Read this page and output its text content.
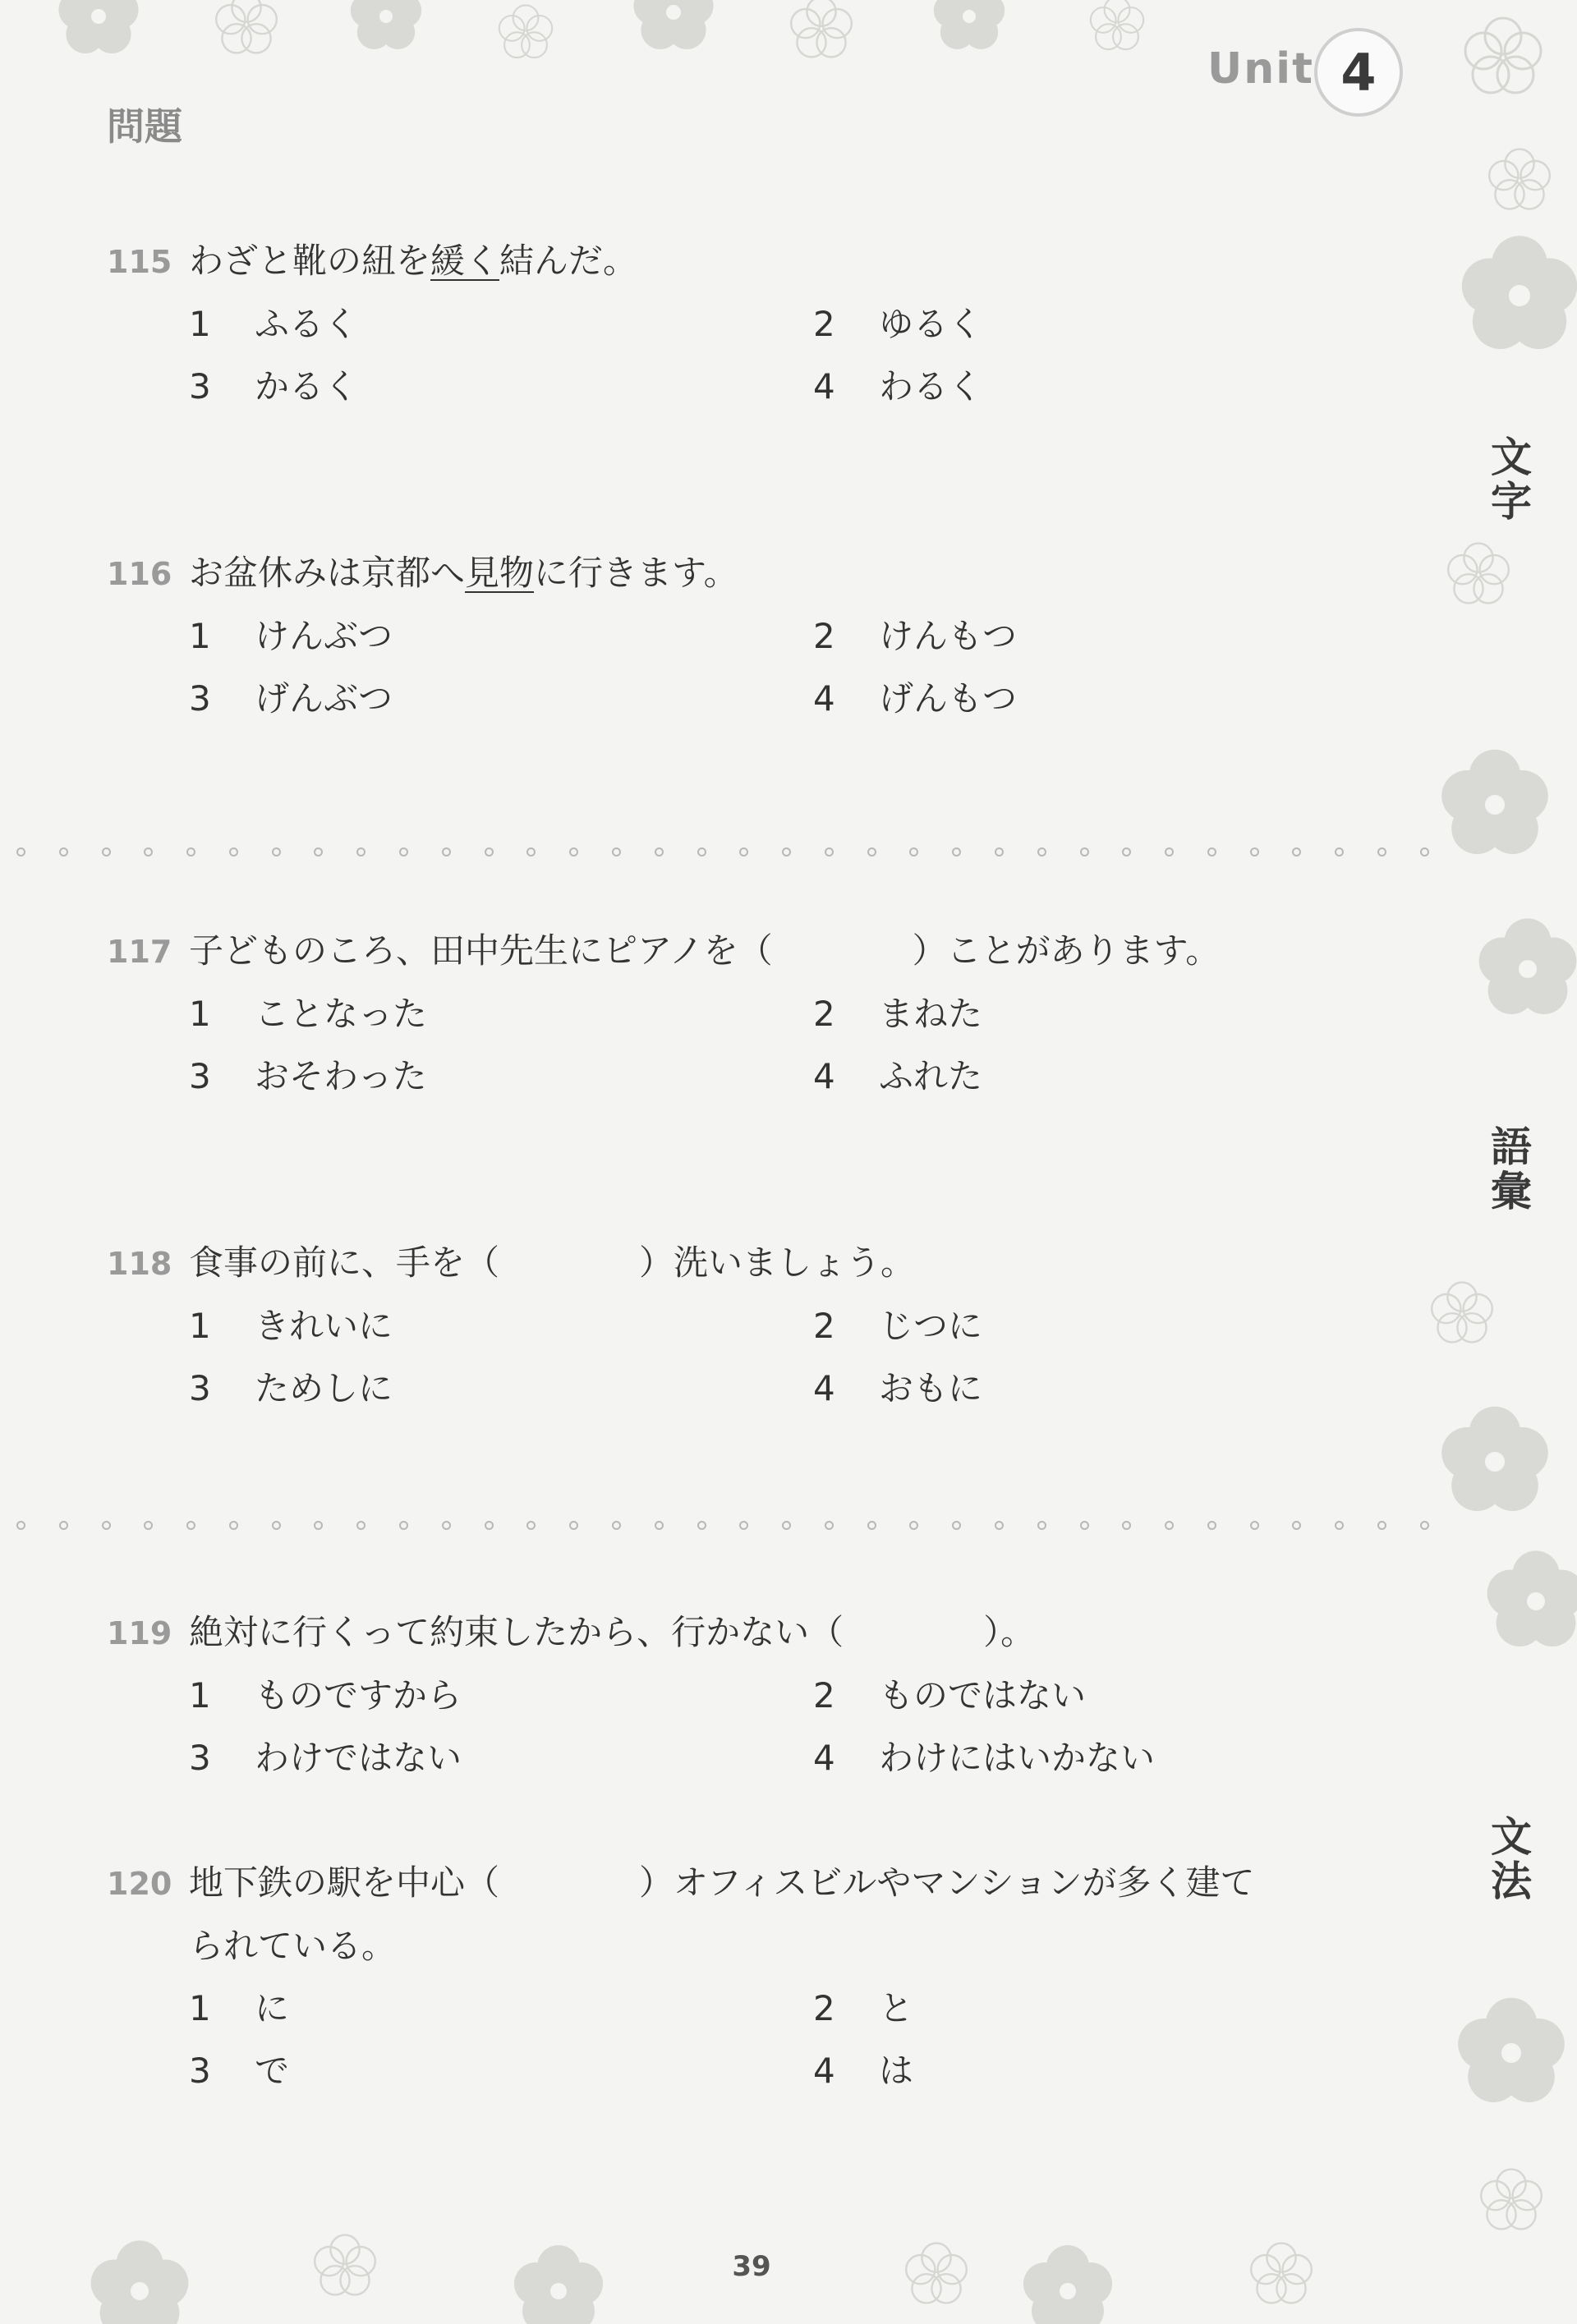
Unit 4
問題
文
字
語
彙
文
法
115 わざと靴の紐を緩く結んだ。
1	ふるく	2	ゆるく
3	かるく	4	わるく
116 お盆休みは京都へ見物に行きます。
1	けんぶつ	2	けんもつ
3	げんぶつ	4	げんもつ
117 子どものころ、田中先生にピアノを（	）ことがあります。
1	ことなった	2	まねた
3	おそわった	4	ふれた
118 食事の前に、手を（	）洗いましょう。
1	きれいに	2	じつに
3	ためしに	4	おもに
119 絶対に行くって約束したから、行かない（	）。
1	ものですから	2	ものではない
3	わけではない	4	わけにはいかない
120 地下鉄の駅を中心（	）オフィスビルやマンションが多く建て
られている。
1	に	2	と
3	で	4	は
39
